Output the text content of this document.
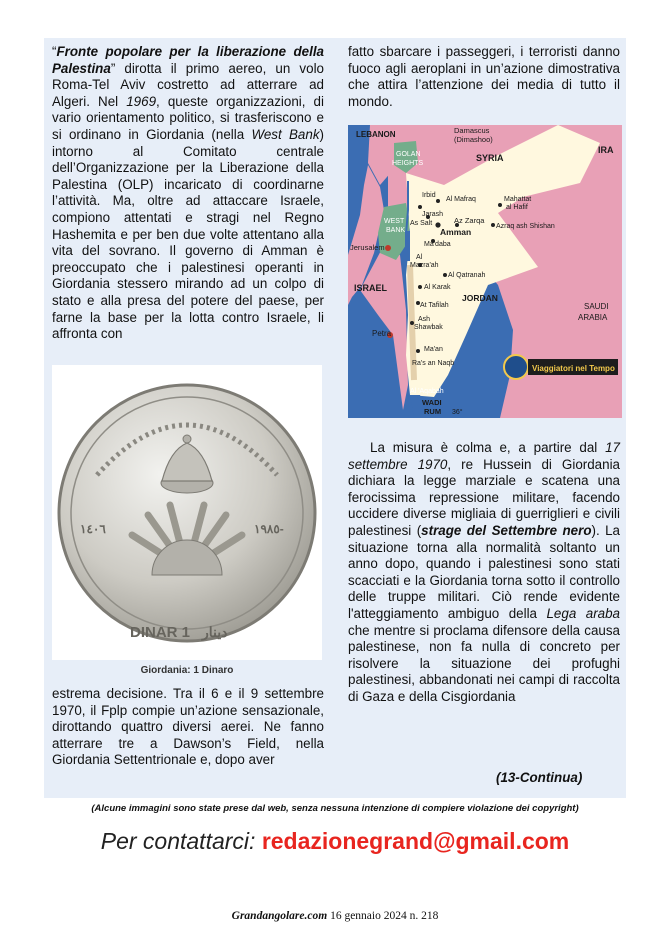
“Fronte popolare per la liberazione della Palestina” dirotta il primo aereo, un volo Roma-Tel Aviv costretto ad atterrare ad Algeri. Nel 1969, queste organizzazioni, di vario orientamento politico, si trasferiscono e si ordinano in Giordania (nella West Bank) intorno al Comitato centrale dell’Organizzazione per la Liberazione della Palestina (OLP) incaricato di coordinarne l’attività. Ma, oltre ad attaccare Israele, compiono attentati e stragi nel Regno Hashemita e per ben due volte attentano alla vita del sovrano. Il governo di Amman è preoccupato che i palestinesi operanti in Giordania stessero mirando ad un colpo di stato e alla presa del potere del paese, per farne la base per la lotta contro Israele, li affronta con

fatto sbarcare i passeggeri, i terroristi danno fuoco agli aeroplani in un’azione dimostrativa che attira l’attenzione dei media di tutto il mondo.

LEBANON	Damascus
(Dimashoo)
GOLAN
HEIGHTS
SYRIA
IRA
Al Mafraq
Irbid
Mahattat
al Hafif
WEST
BANK
Jarash
As Salt
Amman
Az Zarqa
Azraq ash Shishan
Jerusalem	Ma'daba
Al
Mazra'ah
Al Qatranah
Al Karak
ISRAEL
At Tafilah
JORDAN
Ash
Shawbak
Petra
SAUDI
ARABIA
Ma'an
Ra's an Naqb
Al 'Aqabah
WADI
RUM 36°
Viaggiatori nel Tempo
١٤٠٦	١٩٨٥-
DINAR 1 دينار
Giordania: 1 Dinaro

estrema decisione. Tra il 6 e il 9 settembre 1970, il Fplp compie un’azione sensazionale, dirottando quattro diversi aerei. Ne fanno atterrare tre a Dawson’s Field, nella Giordania Settentrionale e, dopo aver

La misura è colma e, a partire dal 17 settembre 1970, re Hussein di Giordania dichiara la legge marziale e scatena una ferocissima repressione militare, facendo uccidere diverse migliaia di guerriglieri e civili palestinesi (strage del Settembre nero). La situazione torna alla normalità soltanto un anno dopo, quando i palestinesi sono stati scacciati e la Giordania torna sotto il controllo delle truppe militari. Ciò rende evidente l'atteggiamento ambiguo della Lega araba che mentre si proclama difensore della causa palestinese, non fa nulla di concreto per risolvere la situazione dei profughi palestinesi, abbandonati nei campi di raccolta di Gaza e della Cisgiordania

(13-Continua)
(Alcune immagini sono state prese dal web, senza nessuna intenzione di compiere violazione dei copyright)
Per contattarci: redazionegrand@gmail.com
Grandangolare.com 16 gennaio 2024 n. 218
